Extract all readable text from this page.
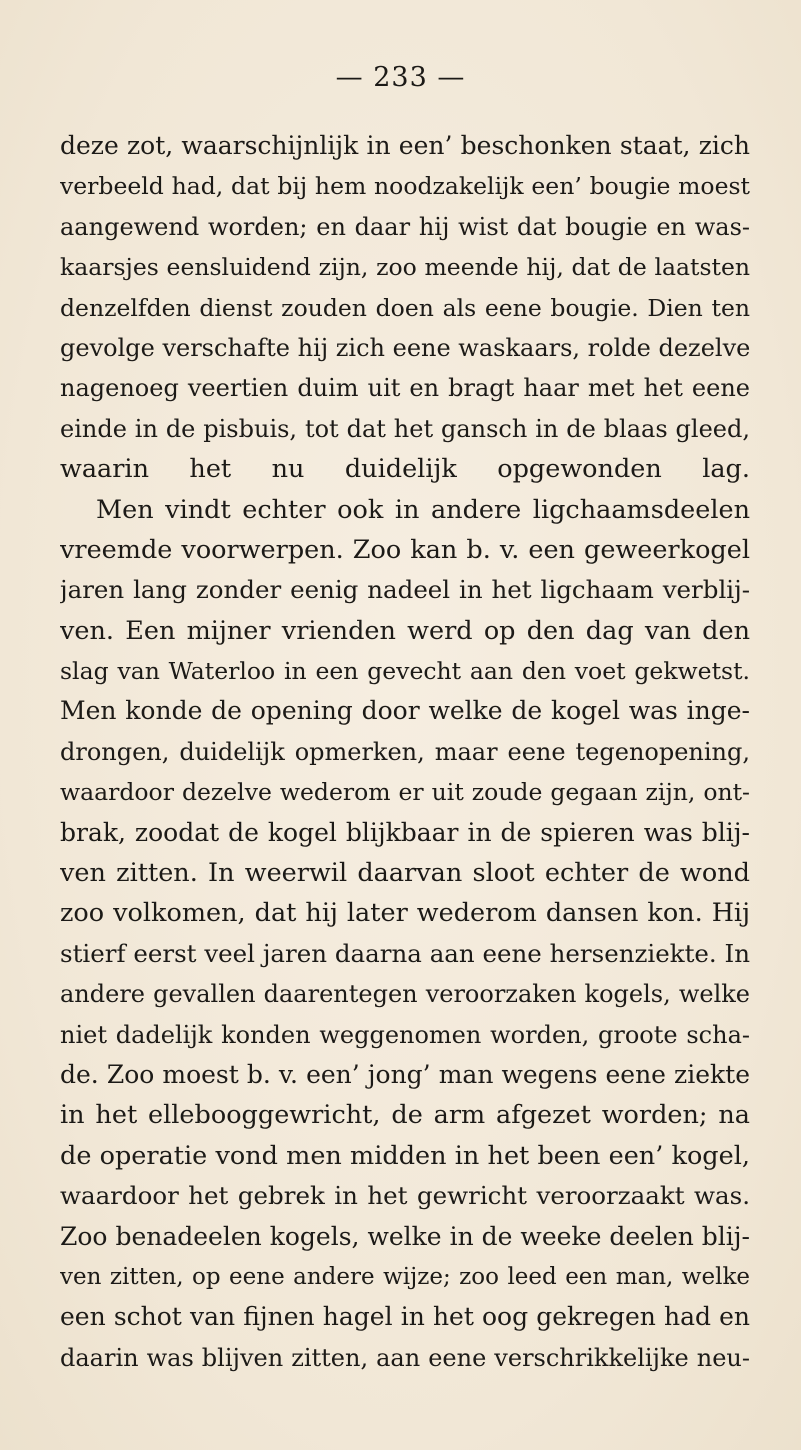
— 233 —
deze zot, waarschijnlijk in een’ beschonken staat, zich
verbeeld had, dat bij hem noodzakelijk een’ bougie moest
aangewend worden; en daar hij wist dat bougie en was-
kaarsjes eensluidend zijn, zoo meende hij, dat de laatsten
denzelfden dienst zouden doen als eene bougie. Dien ten
gevolge verschafte hij zich eene waskaars, rolde dezelve
nagenoeg veertien duim uit en bragt haar met het eene
einde in de pisbuis, tot dat het gansch in de blaas gleed,
waarin het nu duidelijk opgewonden lag.
Men vindt echter ook in andere ligchaamsdeelen
vreemde voorwerpen. Zoo kan b. v. een geweerkogel
jaren lang zonder eenig nadeel in het ligchaam verblij-
ven. Een mijner vrienden werd op den dag van den
slag van Waterloo in een gevecht aan den voet gekwetst.
Men konde de opening door welke de kogel was inge-
drongen, duidelijk opmerken, maar eene tegenopening,
waardoor dezelve wederom er uit zoude gegaan zijn, ont-
brak, zoodat de kogel blijkbaar in de spieren was blij-
ven zitten. In weerwil daarvan sloot echter de wond
zoo volkomen, dat hij later wederom dansen kon. Hij
stierf eerst veel jaren daarna aan eene hersenziekte. In
andere gevallen daarentegen veroorzaken kogels, welke
niet dadelijk konden weggenomen worden, groote scha-
de. Zoo moest b. v. een’ jong’ man wegens eene ziekte
in het ellebooggewricht, de arm afgezet worden; na
de operatie vond men midden in het been een’ kogel,
waardoor het gebrek in het gewricht veroorzaakt was.
Zoo benadeelen kogels, welke in de weeke deelen blij-
ven zitten, op eene andere wijze; zoo leed een man, welke
een schot van fijnen hagel in het oog gekregen had en
daarin was blijven zitten, aan eene verschrikkelijke neu-
